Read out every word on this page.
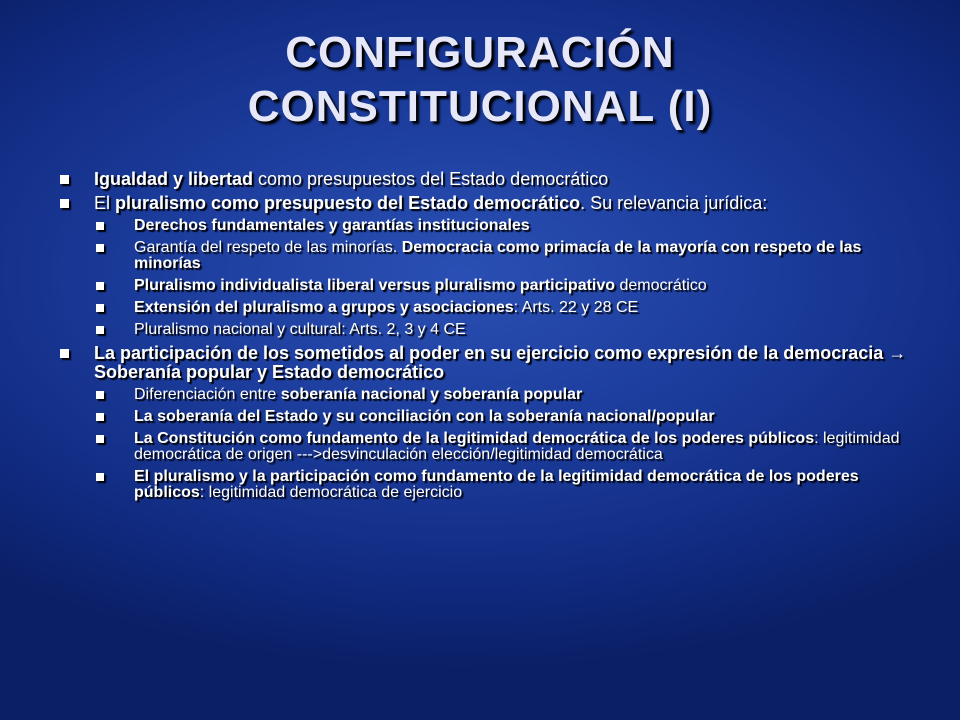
CONFIGURACIÓN
CONSTITUCIONAL (I)
Igualdad y libertad como presupuestos del Estado democrático
El pluralismo como presupuesto del Estado democrático. Su relevancia jurídica:
Derechos fundamentales y garantías institucionales
Garantía del respeto de las minorías. Democracia como primacía de la mayoría con respeto de las minorías
Pluralismo individualista liberal versus pluralismo participativo democrático
Extensión del pluralismo a grupos y asociaciones: Arts. 22 y 28 CE
Pluralismo nacional y cultural: Arts. 2, 3 y 4 CE
La participación de los sometidos al poder en su ejercicio como expresión de la democracia → Soberanía popular y Estado democrático
Diferenciación entre soberanía nacional y soberanía popular
La soberanía del Estado y su conciliación con la soberanía nacional/popular
La Constitución como fundamento de la legitimidad democrática de los poderes públicos: legitimidad democrática de origen --->desvinculación elección/legitimidad democrática
El pluralismo y la participación como fundamento de la legitimidad democrática de los poderes públicos: legitimidad democrática de ejercicio
